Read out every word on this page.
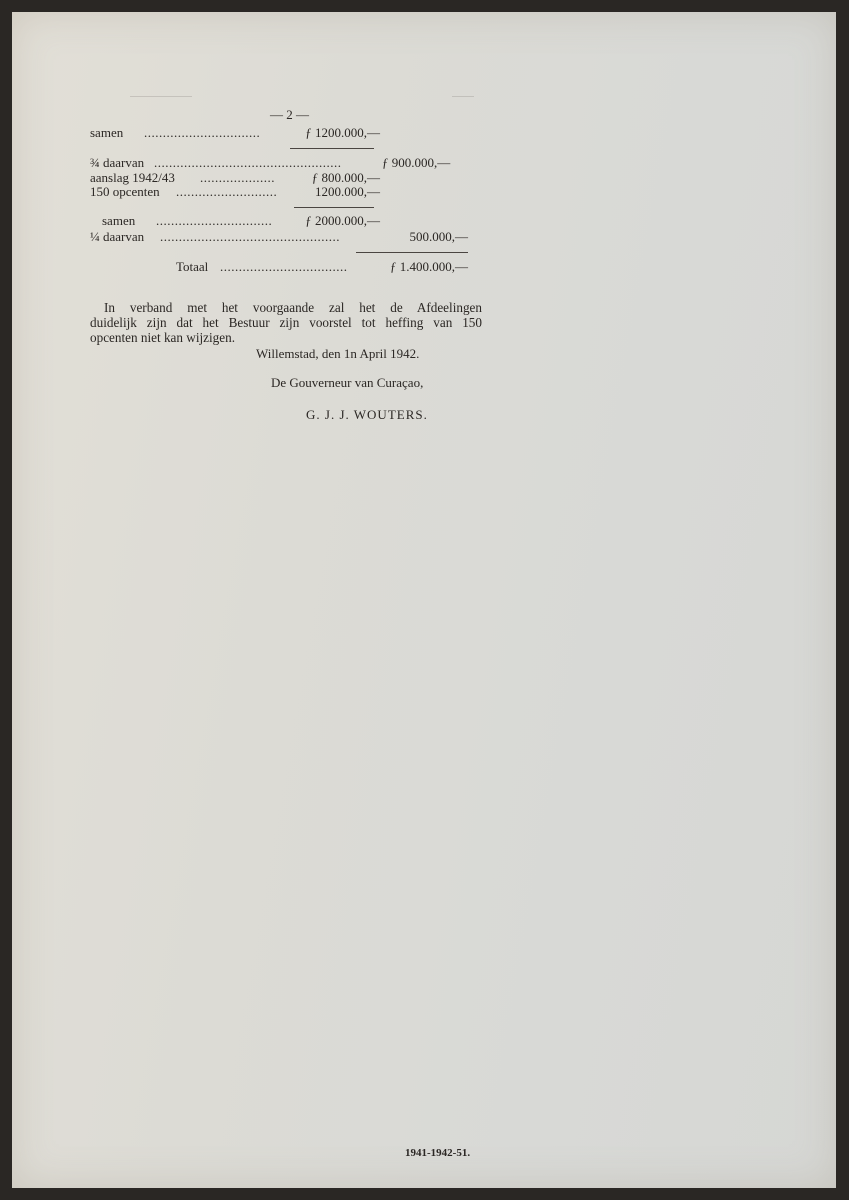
— 2 —
samen ...............................	ƒ 1200.000,—
¾ daarvan ..................................................	ƒ 900.000,—
aanslag 1942/43 ....................	ƒ 800.000,—
150 opcenten ...........................	1200.000,—
samen ...............................	ƒ 2000.000,—
¼ daarvan ................................................	500.000,—
Totaal ..................................	ƒ 1.400.000,—
In verband met het voorgaande zal het de Afdeelingen
duidelijk zijn dat het Bestuur zijn voorstel tot heffing van 150
opcenten niet kan wijzigen.
Willemstad, den 1n April 1942.
De Gouverneur van Curaçao,
G. J. J. WOUTERS.
1941-1942-51.
